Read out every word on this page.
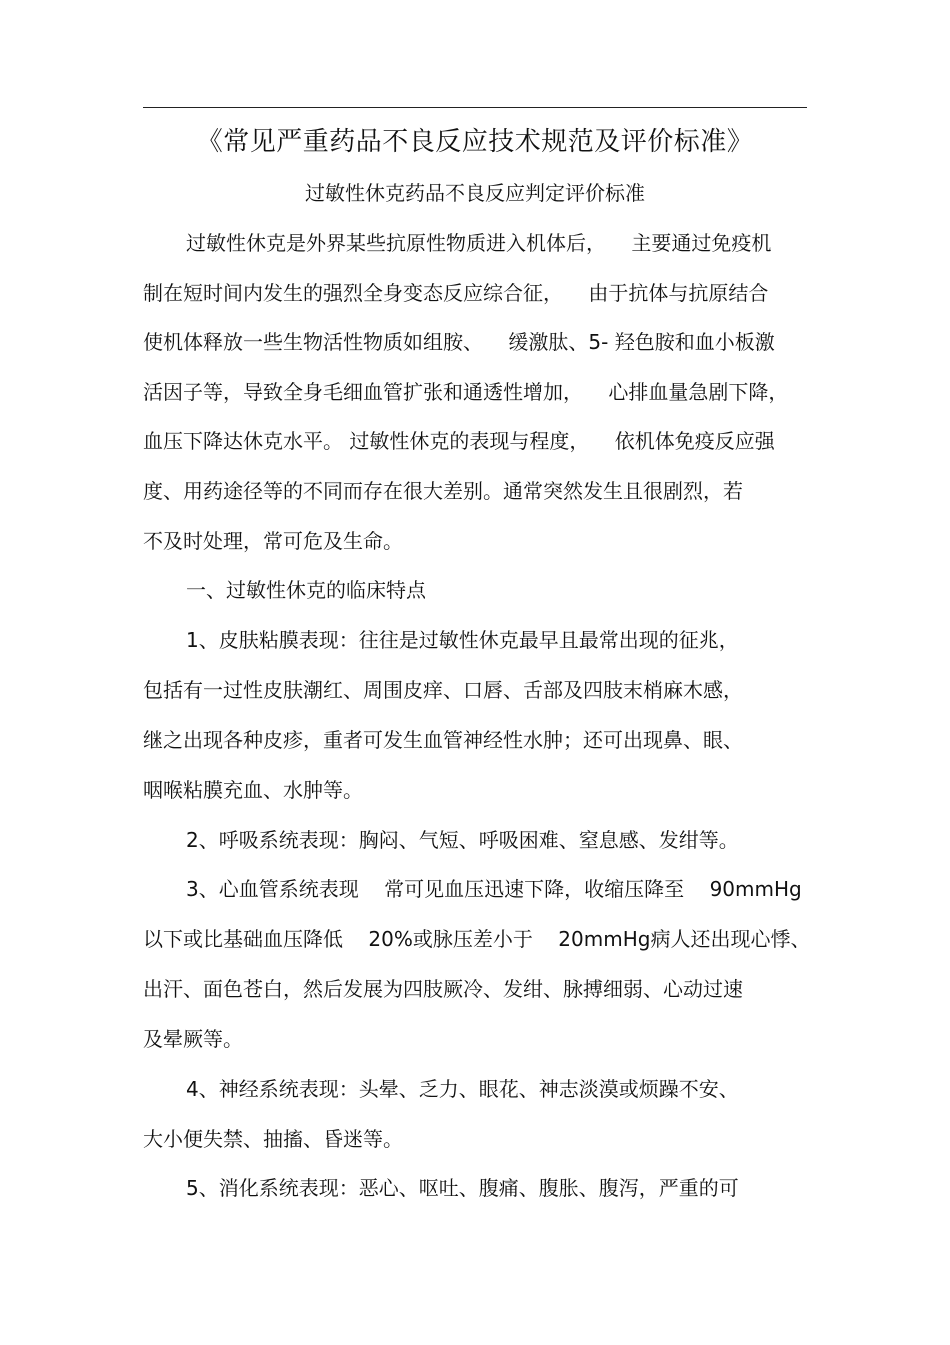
《常见严重药品不良反应技术规范及评价标准》
过敏性休克药品不良反应判定评价标准
过敏性休克是外界某些抗原性物质进入机体后，    主要通过免疫机
制在短时间内发生的强烈全身变态反应综合征，    由于抗体与抗原结合
使机体释放一些生物活性物质如组胺、    缓激肽、5- 羟色胺和血小板激
活因子等，导致全身毛细血管扩张和通透性增加，    心排血量急剧下降，
血压下降达休克水平。 过敏性休克的表现与程度，    依机体免疫反应强
度、用药途径等的不同而存在很大差别。通常突然发生且很剧烈，若
不及时处理，常可危及生命。
一、过敏性休克的临床特点
1、皮肤粘膜表现：往往是过敏性休克最早且最常出现的征兆，
包括有一过性皮肤潮红、周围皮痒、口唇、舌部及四肢末梢麻木感，
继之出现各种皮疹，重者可发生血管神经性水肿；还可出现鼻、眼、
咽喉粘膜充血、水肿等。
2、呼吸系统表现：胸闷、气短、呼吸困难、窒息感、发绀等。
3、心血管系统表现    常可见血压迅速下降，收缩压降至    90mmHg
以下或比基础血压降低    20%或脉压差小于    20mmHg病人还出现心悸、
出汗、面色苍白，然后发展为四肢厥冷、发绀、脉搏细弱、心动过速
及晕厥等。
4、神经系统表现：头晕、乏力、眼花、神志淡漠或烦躁不安、
大小便失禁、抽搐、昏迷等。
5、消化系统表现：恶心、呕吐、腹痛、腹胀、腹泻，严重的可
